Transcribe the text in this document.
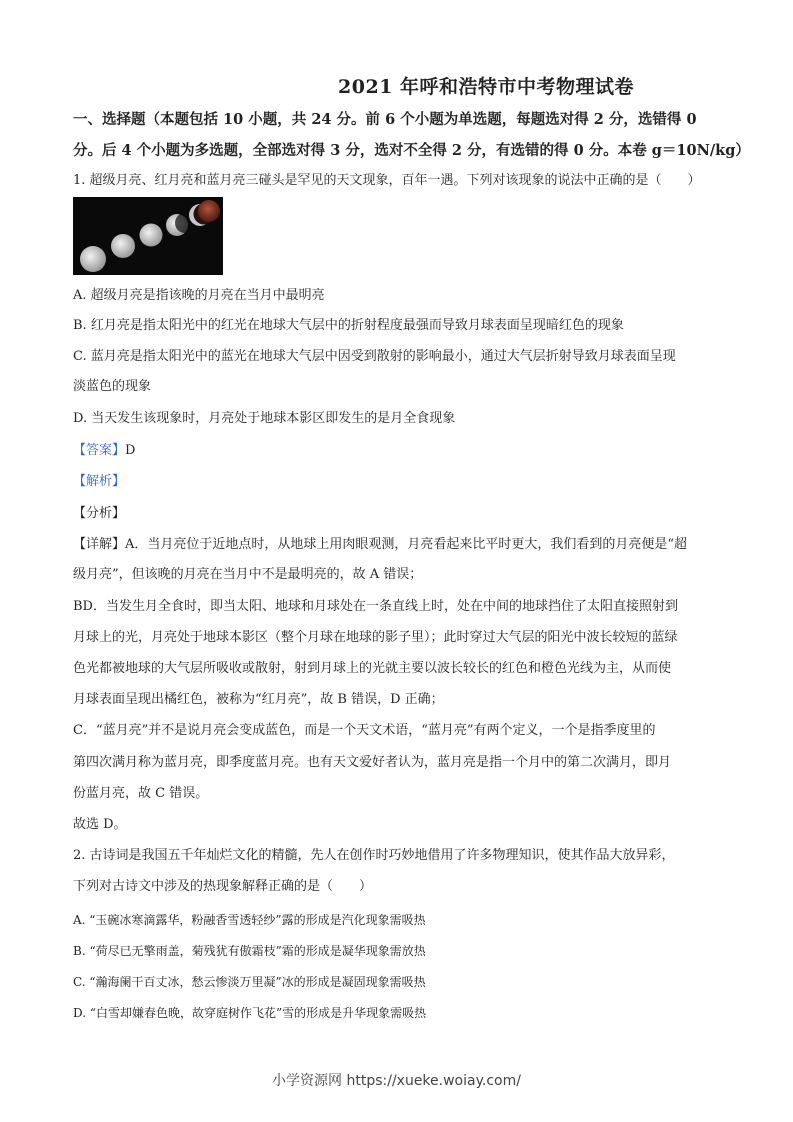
2021 年呼和浩特市中考物理试卷
一、选择题（本题包括 10 小题，共 24 分。前 6 个小题为单选题，每题选对得 2 分，选错得 0
分。后 4 个小题为多选题，全部选对得 3 分，选对不全得 2 分，有选错的得 0 分。本卷 g＝10N/kg）
1. 超级月亮、红月亮和蓝月亮三碰头是罕见的天文现象，百年一遇。下列对该现象的说法中正确的是（　　）
A. 超级月亮是指该晚的月亮在当月中最明亮
B. 红月亮是指太阳光中的红光在地球大气层中的折射程度最强而导致月球表面呈现暗红色的现象
C. 蓝月亮是指太阳光中的蓝光在地球大气层中因受到散射的影响最小，通过大气层折射导致月球表面呈现
淡蓝色的现象
D. 当天发生该现象时，月亮处于地球本影区即发生的是月全食现象
【答案】D
【解析】
【分析】
【详解】A．当月亮位于近地点时，从地球上用肉眼观测，月亮看起来比平时更大，我们看到的月亮便是“超
级月亮”，但该晚的月亮在当月中不是最明亮的，故 A 错误；
BD．当发生月全食时，即当太阳、地球和月球处在一条直线上时，处在中间的地球挡住了太阳直接照射到
月球上的光，月亮处于地球本影区（整个月球在地球的影子里）；此时穿过大气层的阳光中波长较短的蓝绿
色光都被地球的大气层所吸收或散射，射到月球上的光就主要以波长较长的红色和橙色光线为主，从而使
月球表面呈现出橘红色，被称为“红月亮”，故 B 错误，D 正确；
C．“蓝月亮”并不是说月亮会变成蓝色，而是一个天文术语，“蓝月亮”有两个定义，一个是指季度里的
第四次满月称为蓝月亮，即季度蓝月亮。也有天文爱好者认为，蓝月亮是指一个月中的第二次满月，即月
份蓝月亮，故 C 错误。
故选 D。
2. 古诗词是我国五千年灿烂文化的精髓，先人在创作时巧妙地借用了许多物理知识，使其作品大放异彩，
下列对古诗文中涉及的热现象解释正确的是（　　）
A. “玉碗冰寒滴露华，粉融香雪透轻纱”露的形成是汽化现象需吸热
B. “荷尽已无擎雨盖，菊残犹有傲霜枝”霜的形成是凝华现象需放热
C. “瀚海阑干百丈冰，愁云惨淡万里凝”冰的形成是凝固现象需吸热
D. “白雪却嫌春色晚，故穿庭树作飞花”雪的形成是升华现象需吸热
小学资源网 https://xueke.woiay.com/
